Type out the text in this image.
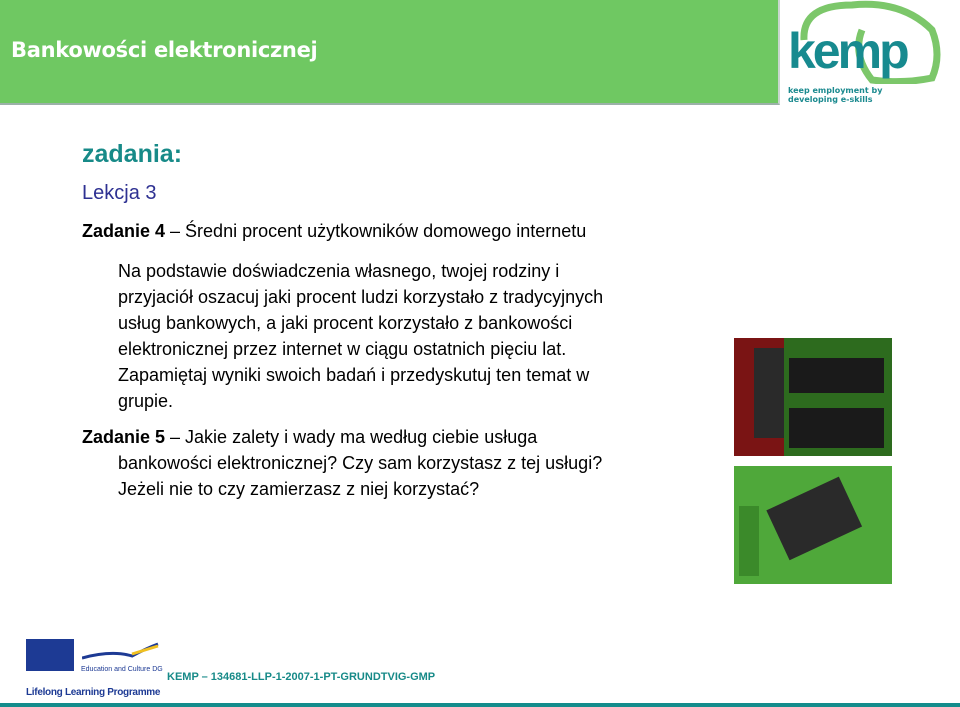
Bankowości elektronicznej	kemp
keep employment by
developing e-skills
zadania:
Lekcja 3
Zadanie 4 – Średni procent użytkowników domowego internetu
Na podstawie doświadczenia własnego, twojej rodziny i
przyjaciół oszacuj jaki procent ludzi korzystało z tradycyjnych
usług bankowych, a jaki procent korzystało z bankowości
elektronicznej przez internet w ciągu ostatnich pięciu lat.
Zapamiętaj wyniki swoich badań i przedyskutuj ten temat w
grupie.
Zadanie 5 – Jakie zalety i wady ma według ciebie usługa
bankowości elektronicznej? Czy sam korzystasz z tej usługi?
Jeżeli nie to czy zamierzasz z niej korzystać?
Education and Culture DG
Lifelong Learning Programme
KEMP – 134681-LLP-1-2007-1-PT-GRUNDTVIG-GMP
